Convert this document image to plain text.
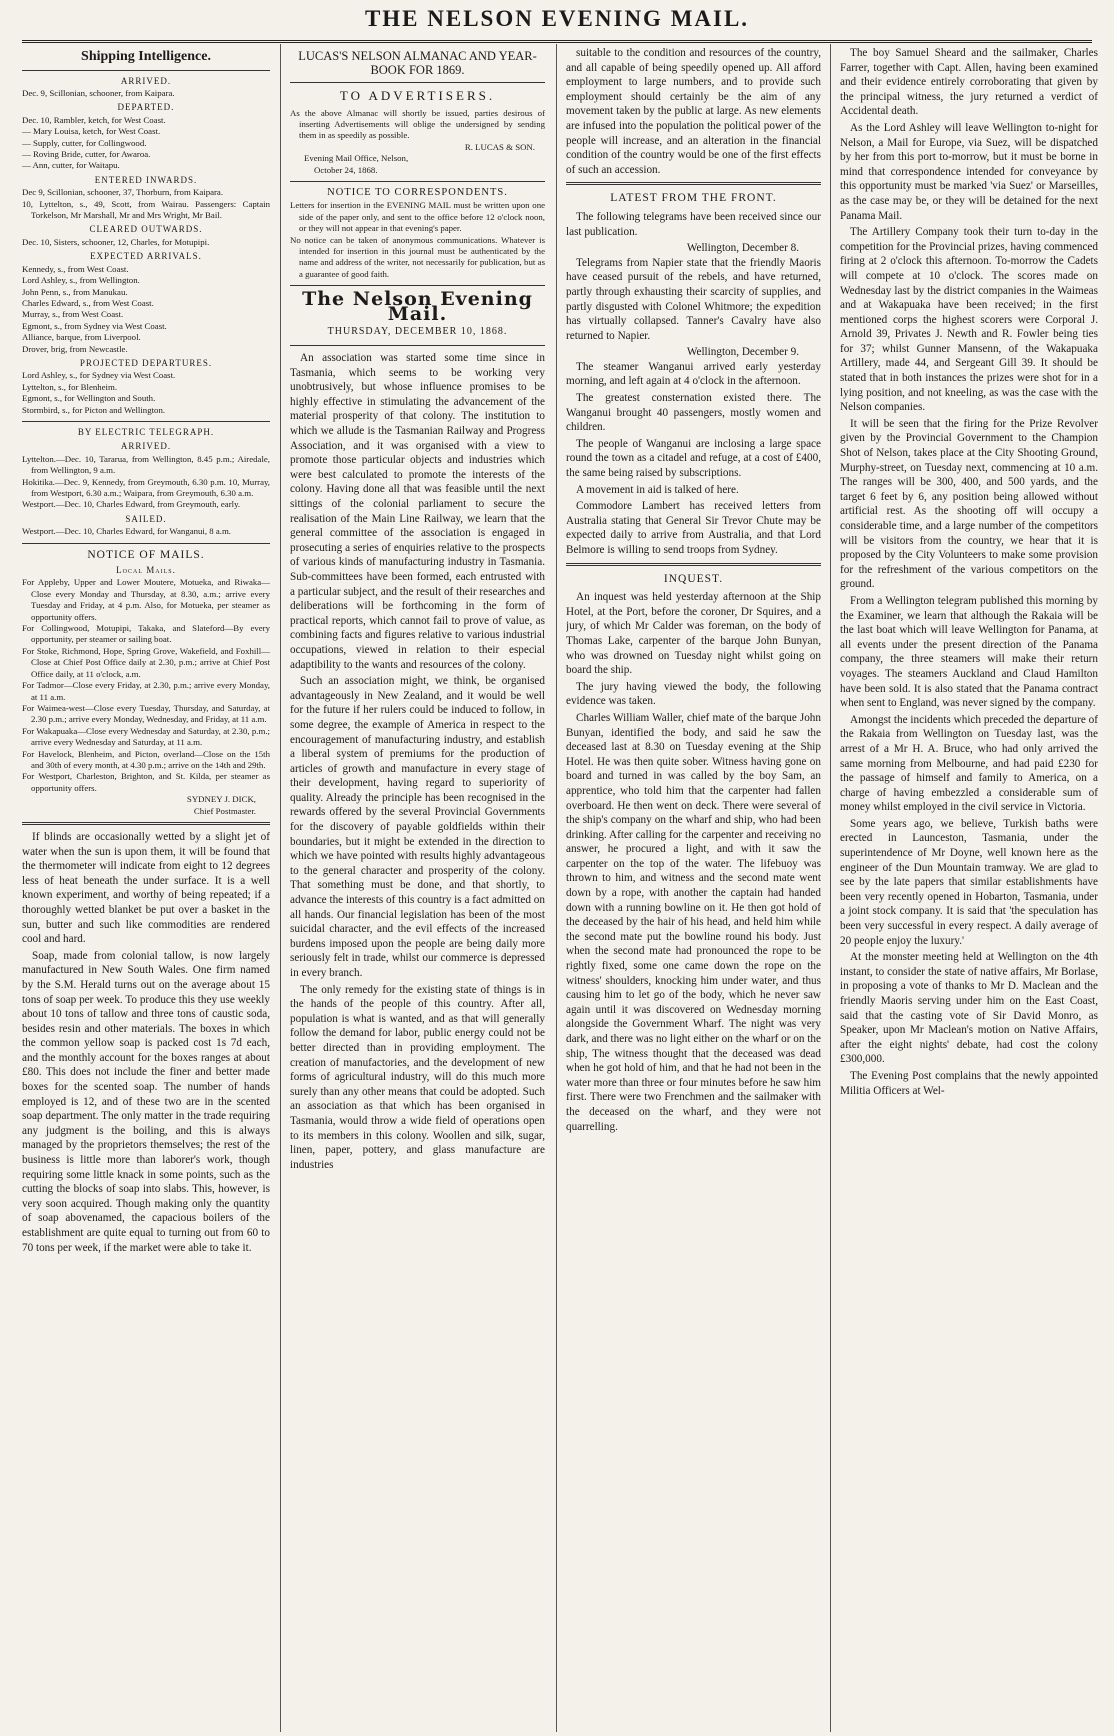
THE NELSON EVENING MAIL.
Shipping Intelligence.
ARRIVED.

Dec. 9, Scillonian, schooner, from Kaipara.

DEPARTED.

Dec. 10, Rambler, ketch, for West Coast.

— Mary Louisa, ketch, for West Coast.

— Supply, cutter, for Collingwood.

— Roving Bride, cutter, for Awaroa.

— Ann, cutter, for Waitapu.

ENTERED INWARDS.

Dec 9, Scillonian, schooner, 37, Thorburn, from Kaipara.

10, Lyttelton, s., 49, Scott, from Wairau. Passengers: Captain Torkelson, Mr Marshall, Mr and Mrs Wright, Mr Bail.

CLEARED OUTWARDS.

Dec. 10, Sisters, schooner, 12, Charles, for Motupipi.

EXPECTED ARRIVALS.

Kennedy, s., from West Coast.

Lord Ashley, s., from Wellington.

John Penn, s., from Manukau.

Charles Edward, s., from West Coast.

Murray, s., from West Coast.

Egmont, s., from Sydney via West Coast.

Alliance, barque, from Liverpool.

Drover, brig, from Newcastle.

PROJECTED DEPARTURES.

Lord Ashley, s., for Sydney via West Coast.

Lyttelton, s., for Blenheim.

Egmont, s., for Wellington and South.

Stormbird, s., for Picton and Wellington.

BY ELECTRIC TELEGRAPH.
ARRIVED.

Lyttelton.—Dec. 10, Tararua, from Wellington, 8.45 p.m.; Airedale, from Wellington, 9 a.m.

Hokitika.—Dec. 9, Kennedy, from Greymouth, 6.30 p.m. 10, Murray, from Westport, 6.30 a.m.; Waipara, from Greymouth, 6.30 a.m.

Westport.—Dec. 10, Charles Edward, from Greymouth, early.

SAILED.

Westport.—Dec. 10, Charles Edward, for Wanganui, 8 a.m.

NOTICE OF MAILS.
Local Mails.

For Appleby, Upper and Lower Moutere, Motueka, and Riwaka—Close every Monday and Thursday, at 8.30, a.m.; arrive every Tuesday and Friday, at 4 p.m. Also, for Motueka, per steamer as opportunity offers.

For Collingwood, Motupipi, Takaka, and Slateford—By every opportunity, per steamer or sailing boat.

For Stoke, Richmond, Hope, Spring Grove, Wakefield, and Foxhill—Close at Chief Post Office daily at 2.30, p.m.; arrive at Chief Post Office daily, at 11 o'clock, a.m.

For Tadmor—Close every Friday, at 2.30, p.m.; arrive every Monday, at 11 a.m.

For Waimea-west—Close every Tuesday, Thursday, and Saturday, at 2.30 p.m.; arrive every Monday, Wednesday, and Friday, at 11 a.m.

For Wakapuaka—Close every Wednesday and Saturday, at 2.30, p.m.; arrive every Wednesday and Saturday, at 11 a.m.

For Havelock, Blenheim, and Picton, overland—Close on the 15th and 30th of every month, at 4.30 p.m.; arrive on the 14th and 29th.

For Westport, Charleston, Brighton, and St. Kilda, per steamer as opportunity offers.

SYDNEY J. DICK,
Chief Postmaster.

If blinds are occasionally wetted by a slight jet of water when the sun is upon them, it will be found that the thermometer will indicate from eight to 12 degrees less of heat beneath the under surface. It is a well known experiment, and worthy of being repeated; if a thoroughly wetted blanket be put over a basket in the sun, butter and such like commodities are rendered cool and hard.

Soap, made from colonial tallow, is now largely manufactured in New South Wales. One firm named by the S.M. Herald turns out on the average about 15 tons of soap per week. To produce this they use weekly about 10 tons of tallow and three tons of caustic soda, besides resin and other materials. The boxes in which the common yellow soap is packed cost 1s 7d each, and the monthly account for the boxes ranges at about £80. This does not include the finer and better made boxes for the scented soap. The number of hands employed is 12, and of these two are in the scented soap department. The only matter in the trade requiring any judgment is the boiling, and this is always managed by the proprietors themselves; the rest of the business is little more than laborer's work, though requiring some little knack in some points, such as the cutting the blocks of soap into slabs. This, however, is very soon acquired. Though making only the quantity of soap abovenamed, the capacious boilers of the establishment are quite equal to turning out from 60 to 70 tons per week, if the market were able to take it.

LUCAS'S NELSON ALMANAC AND YEAR-BOOK FOR 1869.
TO ADVERTISERS.

As the above Almanac will shortly be issued, parties desirous of inserting Advertisements will oblige the undersigned by sending them in as speedily as possible.

R. LUCAS & SON.
Evening Mail Office, Nelson,
October 24, 1868.
NOTICE TO CORRESPONDENTS.

Letters for insertion in the EVENING MAIL must be written upon one side of the paper only, and sent to the office before 12 o'clock noon, or they will not appear in that evening's paper.

No notice can be taken of anonymous communications. Whatever is intended for insertion in this journal must be authenticated by the name and address of the writer, not necessarily for publication, but as a guarantee of good faith.

The Nelson Evening Mail.
THURSDAY, DECEMBER 10, 1868.

An association was started some time since in Tasmania, which seems to be working very unobtrusively, but whose influence promises to be highly effective in stimulating the advancement of the material prosperity of that colony. The institution to which we allude is the Tasmanian Railway and Progress Association, and it was organised with a view to promote those particular objects and industries which were best calculated to promote the interests of the colony. Having done all that was feasible until the next sittings of the colonial parliament to secure the realisation of the Main Line Railway, we learn that the general committee of the association is engaged in prosecuting a series of enquiries relative to the prospects of various kinds of manufacturing industry in Tasmania. Sub-committees have been formed, each entrusted with a particular subject, and the result of their researches and deliberations will be forthcoming in the form of practical reports, which cannot fail to prove of value, as combining facts and figures relative to various industrial occupations, viewed in relation to their especial adaptibility to the wants and resources of the colony.

Such an association might, we think, be organised advantageously in New Zealand, and it would be well for the future if her rulers could be induced to follow, in some degree, the example of America in respect to the encouragement of manufacturing industry, and establish a liberal system of premiums for the production of articles of growth and manufacture in every stage of their development, having regard to superiority of quality. Already the principle has been recognised in the rewards offered by the several Provincial Governments for the discovery of payable goldfields within their boundaries, but it might be extended in the direction to which we have pointed with results highly advantageous to the general character and prosperity of the colony. That something must be done, and that shortly, to advance the interests of this country is a fact admitted on all hands. Our financial legislation has been of the most suicidal character, and the evil effects of the increased burdens imposed upon the people are being daily more seriously felt in trade, whilst our commerce is depressed in every branch.

The only remedy for the existing state of things is in the hands of the people of this country. After all, population is what is wanted, and as that will generally follow the demand for labor, public energy could not be better directed than in providing employment. The creation of manufactories, and the development of new forms of agricultural industry, will do this much more surely than any other means that could be adopted. Such an association as that which has been organised in Tasmania, would throw a wide field of operations open to its members in this colony. Woollen and silk, sugar, linen, paper, pottery, and glass manufacture are industries

suitable to the condition and resources of the country, and all capable of being speedily opened up. All afford employment to large numbers, and to provide such employment should certainly be the aim of any movement taken by the public at large. As new elements are infused into the population the political power of the people will increase, and an alteration in the financial condition of the country would be one of the first effects of such an accession.

LATEST FROM THE FRONT.

The following telegrams have been received since our last publication.

Wellington, December 8.

Telegrams from Napier state that the friendly Maoris have ceased pursuit of the rebels, and have returned, partly through exhausting their scarcity of supplies, and partly disgusted with Colonel Whitmore; the expedition has virtually collapsed. Tanner's Cavalry have also returned to Napier.

Wellington, December 9.

The steamer Wanganui arrived early yesterday morning, and left again at 4 o'clock in the afternoon.

The greatest consternation existed there. The Wanganui brought 40 passengers, mostly women and children.

The people of Wanganui are inclosing a large space round the town as a citadel and refuge, at a cost of £400, the same being raised by subscriptions.

A movement in aid is talked of here.

Commodore Lambert has received letters from Australia stating that General Sir Trevor Chute may be expected daily to arrive from Australia, and that Lord Belmore is willing to send troops from Sydney.

INQUEST.

An inquest was held yesterday afternoon at the Ship Hotel, at the Port, before the coroner, Dr Squires, and a jury, of which Mr Calder was foreman, on the body of Thomas Lake, carpenter of the barque John Bunyan, who was drowned on Tuesday night whilst going on board the ship.

The jury having viewed the body, the following evidence was taken.

Charles William Waller, chief mate of the barque John Bunyan, identified the body, and said he saw the deceased last at 8.30 on Tuesday evening at the Ship Hotel. He was then quite sober. Witness having gone on board and turned in was called by the boy Sam, an apprentice, who told him that the carpenter had fallen overboard. He then went on deck. There were several of the ship's company on the wharf and ship, who had been drinking. After calling for the carpenter and receiving no answer, he procured a light, and with it saw the carpenter on the top of the water. The lifebuoy was thrown to him, and witness and the second mate went down by a rope, with another the captain had handed down with a running bowline on it. He then got hold of the deceased by the hair of his head, and held him while the second mate put the bowline round his body. Just when the second mate had pronounced the rope to be rightly fixed, some one came down the rope on the witness' shoulders, knocking him under water, and thus causing him to let go of the body, which he never saw again until it was discovered on Wednesday morning alongside the Government Wharf. The night was very dark, and there was no light either on the wharf or on the ship, The witness thought that the deceased was dead when he got hold of him, and that he had not been in the water more than three or four minutes before he saw him first. There were two Frenchmen and the sailmaker with the deceased on the wharf, and they were not quarrelling.

The boy Samuel Sheard and the sailmaker, Charles Farrer, together with Capt. Allen, having been examined and their evidence entirely corroborating that given by the principal witness, the jury returned a verdict of Accidental death.

As the Lord Ashley will leave Wellington to-night for Nelson, a Mail for Europe, via Suez, will be dispatched by her from this port to-morrow, but it must be borne in mind that correspondence intended for conveyance by this opportunity must be marked 'via Suez' or Marseilles, as the case may be, or they will be detained for the next Panama Mail.

The Artillery Company took their turn to-day in the competition for the Provincial prizes, having commenced firing at 2 o'clock this afternoon. To-morrow the Cadets will compete at 10 o'clock. The scores made on Wednesday last by the district companies in the Waimeas and at Wakapuaka have been received; in the first mentioned corps the highest scorers were Corporal J. Arnold 39, Privates J. Newth and R. Fowler being ties for 37; whilst Gunner Mansenn, of the Wakapuaka Artillery, made 44, and Sergeant Gill 39. It should be stated that in both instances the prizes were shot for in a lying position, and not kneeling, as was the case with the Nelson companies.

It will be seen that the firing for the Prize Revolver given by the Provincial Government to the Champion Shot of Nelson, takes place at the City Shooting Ground, Murphy-street, on Tuesday next, commencing at 10 a.m. The ranges will be 300, 400, and 500 yards, and the target 6 feet by 6, any position being allowed without artificial rest. As the shooting off will occupy a considerable time, and a large number of the competitors will be visitors from the country, we hear that it is proposed by the City Volunteers to make some provision for the refreshment of the various competitors on the ground.

From a Wellington telegram published this morning by the Examiner, we learn that although the Rakaia will be the last boat which will leave Wellington for Panama, at all events under the present direction of the Panama company, the three steamers will make their return voyages. The steamers Auckland and Claud Hamilton have been sold. It is also stated that the Panama contract when sent to England, was never signed by the company.

Amongst the incidents which preceded the departure of the Rakaia from Wellington on Tuesday last, was the arrest of a Mr H. A. Bruce, who had only arrived the same morning from Melbourne, and had paid £230 for the passage of himself and family to America, on a charge of having embezzled a considerable sum of money whilst employed in the civil service in Victoria.

Some years ago, we believe, Turkish baths were erected in Launceston, Tasmania, under the superintendence of Mr Doyne, well known here as the engineer of the Dun Mountain tramway. We are glad to see by the late papers that similar establishments have been very recently opened in Hobarton, Tasmania, under a joint stock company. It is said that 'the speculation has been very successful in every respect. A daily average of 20 people enjoy the luxury.'

At the monster meeting held at Wellington on the 4th instant, to consider the state of native affairs, Mr Borlase, in proposing a vote of thanks to Mr D. Maclean and the friendly Maoris serving under him on the East Coast, said that the casting vote of Sir David Monro, as Speaker, upon Mr Maclean's motion on Native Affairs, after the eight nights' debate, had cost the colony £300,000.

The Evening Post complains that the newly appointed Militia Officers at Wel-
